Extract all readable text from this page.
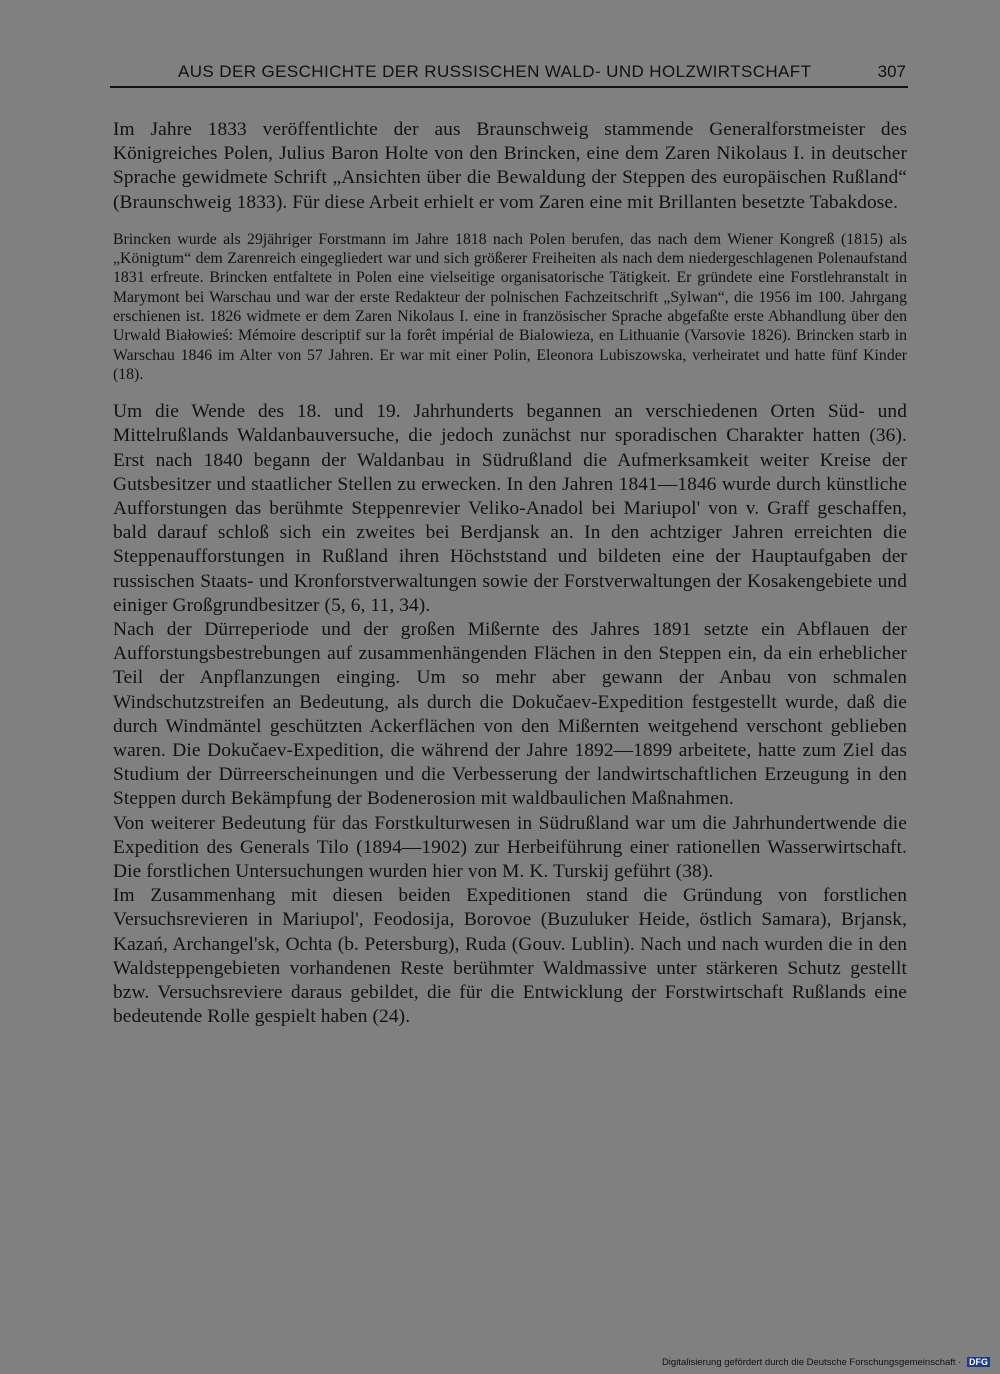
AUS DER GESCHICHTE DER RUSSISCHEN WALD- UND HOLZWIRTSCHAFT	307

Im Jahre 1833 veröffentlichte der aus Braunschweig stammende Generalforstmeister des Königreiches Polen, Julius Baron Holte von den Brincken, eine dem Zaren Nikolaus I. in deutscher Sprache gewidmete Schrift „Ansichten über die Bewaldung der Steppen des europäischen Rußland“ (Braunschweig 1833). Für diese Arbeit erhielt er vom Zaren eine mit Brillanten besetzte Tabakdose.

Brincken wurde als 29jähriger Forstmann im Jahre 1818 nach Polen berufen, das nach dem Wiener Kongreß (1815) als „Königtum“ dem Zarenreich eingegliedert war und sich größerer Freiheiten als nach dem niedergeschlagenen Polenaufstand 1831 erfreute. Brincken entfaltete in Polen eine vielseitige organisatorische Tätigkeit. Er gründete eine Forstlehranstalt in Marymont bei Warschau und war der erste Redakteur der polnischen Fachzeitschrift „Sylwan“, die 1956 im 100. Jahrgang erschienen ist. 1826 widmete er dem Zaren Nikolaus I. eine in französischer Sprache abgefaßte erste Abhandlung über den Urwald Białowieś: Mémoire descriptif sur la forêt impérial de Bialowieza, en Lithuanie (Varsovie 1826). Brincken starb in Warschau 1846 im Alter von 57 Jahren. Er war mit einer Polin, Eleonora Lubiszowska, verheiratet und hatte fünf Kinder (18).

Um die Wende des 18. und 19. Jahrhunderts begannen an verschiedenen Orten Süd- und Mittelrußlands Waldanbauversuche, die jedoch zunächst nur sporadischen Charakter hatten (36). Erst nach 1840 begann der Waldanbau in Südrußland die Aufmerksamkeit weiter Kreise der Gutsbesitzer und staatlicher Stellen zu erwecken. In den Jahren 1841—1846 wurde durch künstliche Aufforstungen das berühmte Steppenrevier Veliko-Anadol bei Mariupol' von v. Graff geschaffen, bald darauf schloß sich ein zweites bei Berdjansk an. In den achtziger Jahren erreichten die Steppenaufforstungen in Rußland ihren Höchststand und bildeten eine der Hauptaufgaben der russischen Staats- und Kronforstverwaltungen sowie der Forstverwaltungen der Kosakengebiete und einiger Großgrundbesitzer (5, 6, 11, 34).

Nach der Dürreperiode und der großen Mißernte des Jahres 1891 setzte ein Abflauen der Aufforstungsbestrebungen auf zusammenhängenden Flächen in den Steppen ein, da ein erheblicher Teil der Anpflanzungen einging. Um so mehr aber gewann der Anbau von schmalen Windschutzstreifen an Bedeutung, als durch die Dokučaev-Expedition festgestellt wurde, daß die durch Windmäntel geschützten Ackerflächen von den Mißernten weitgehend verschont geblieben waren. Die Dokučaev-Expedition, die während der Jahre 1892—1899 arbeitete, hatte zum Ziel das Studium der Dürreerscheinungen und die Verbesserung der landwirtschaftlichen Erzeugung in den Steppen durch Bekämpfung der Bodenerosion mit waldbaulichen Maßnahmen.

Von weiterer Bedeutung für das Forstkulturwesen in Südrußland war um die Jahrhundertwende die Expedition des Generals Tilo (1894—1902) zur Herbeiführung einer rationellen Wasserwirtschaft. Die forstlichen Untersuchungen wurden hier von M. K. Turskij geführt (38).

Im Zusammenhang mit diesen beiden Expeditionen stand die Gründung von forstlichen Versuchsrevieren in Mariupol', Feodosija, Borovoe (Buzuluker Heide, östlich Samara), Brjansk, Kazań, Archangel'sk, Ochta (b. Petersburg), Ruda (Gouv. Lublin). Nach und nach wurden die in den Waldsteppengebieten vorhandenen Reste berühmter Waldmassive unter stärkeren Schutz gestellt bzw. Versuchsreviere daraus gebildet, die für die Entwicklung der Forstwirtschaft Rußlands eine bedeutende Rolle gespielt haben (24).

Digitalisierung gefördert durch die Deutsche Forschungsgemeinschaft · DFG
